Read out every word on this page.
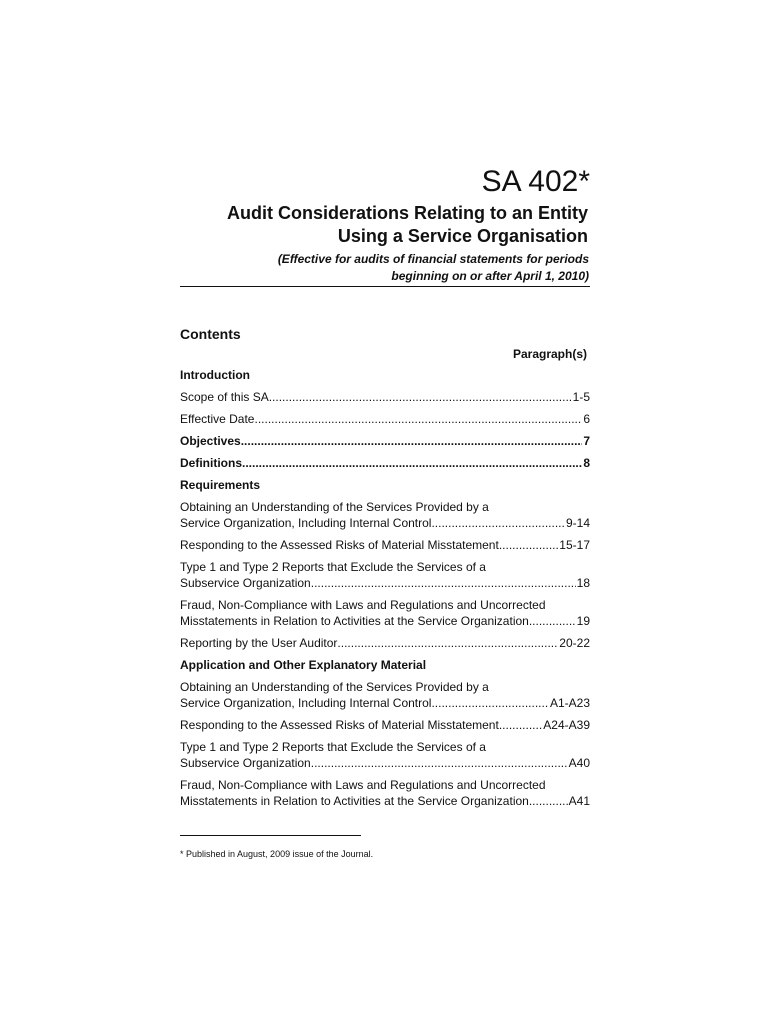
SA 402*
Audit Considerations Relating to an Entity
Using a Service Organisation
(Effective for audits of financial statements for periods
beginning on or after April 1, 2010)
Contents
Paragraph(s)
Introduction
Scope of this SA .....	1-5
Effective Date .....	6
Objectives .....	7
Definitions .....	8
Requirements
Obtaining an Understanding of the Services Provided by a
Service Organization, Including Internal Control .....	9-14
Responding to the Assessed Risks of Material Misstatement .....	15-17
Type 1 and Type 2 Reports that Exclude the Services of a
Subservice Organization .....	18
Fraud, Non-Compliance with Laws and Regulations and Uncorrected
Misstatements in Relation to Activities at the Service Organization .....	19
Reporting by the User Auditor .....	20-22
Application and Other Explanatory Material
Obtaining an Understanding of the Services Provided by a
Service Organization, Including Internal Control .....	A1-A23
Responding to the Assessed Risks of Material Misstatement .....	A24-A39
Type 1 and Type 2 Reports that Exclude the Services of a
Subservice Organization .....	A40
Fraud, Non-Compliance with Laws and Regulations and Uncorrected
Misstatements in Relation to Activities at the Service Organization .....	A41
* Published in August, 2009 issue of the Journal.
